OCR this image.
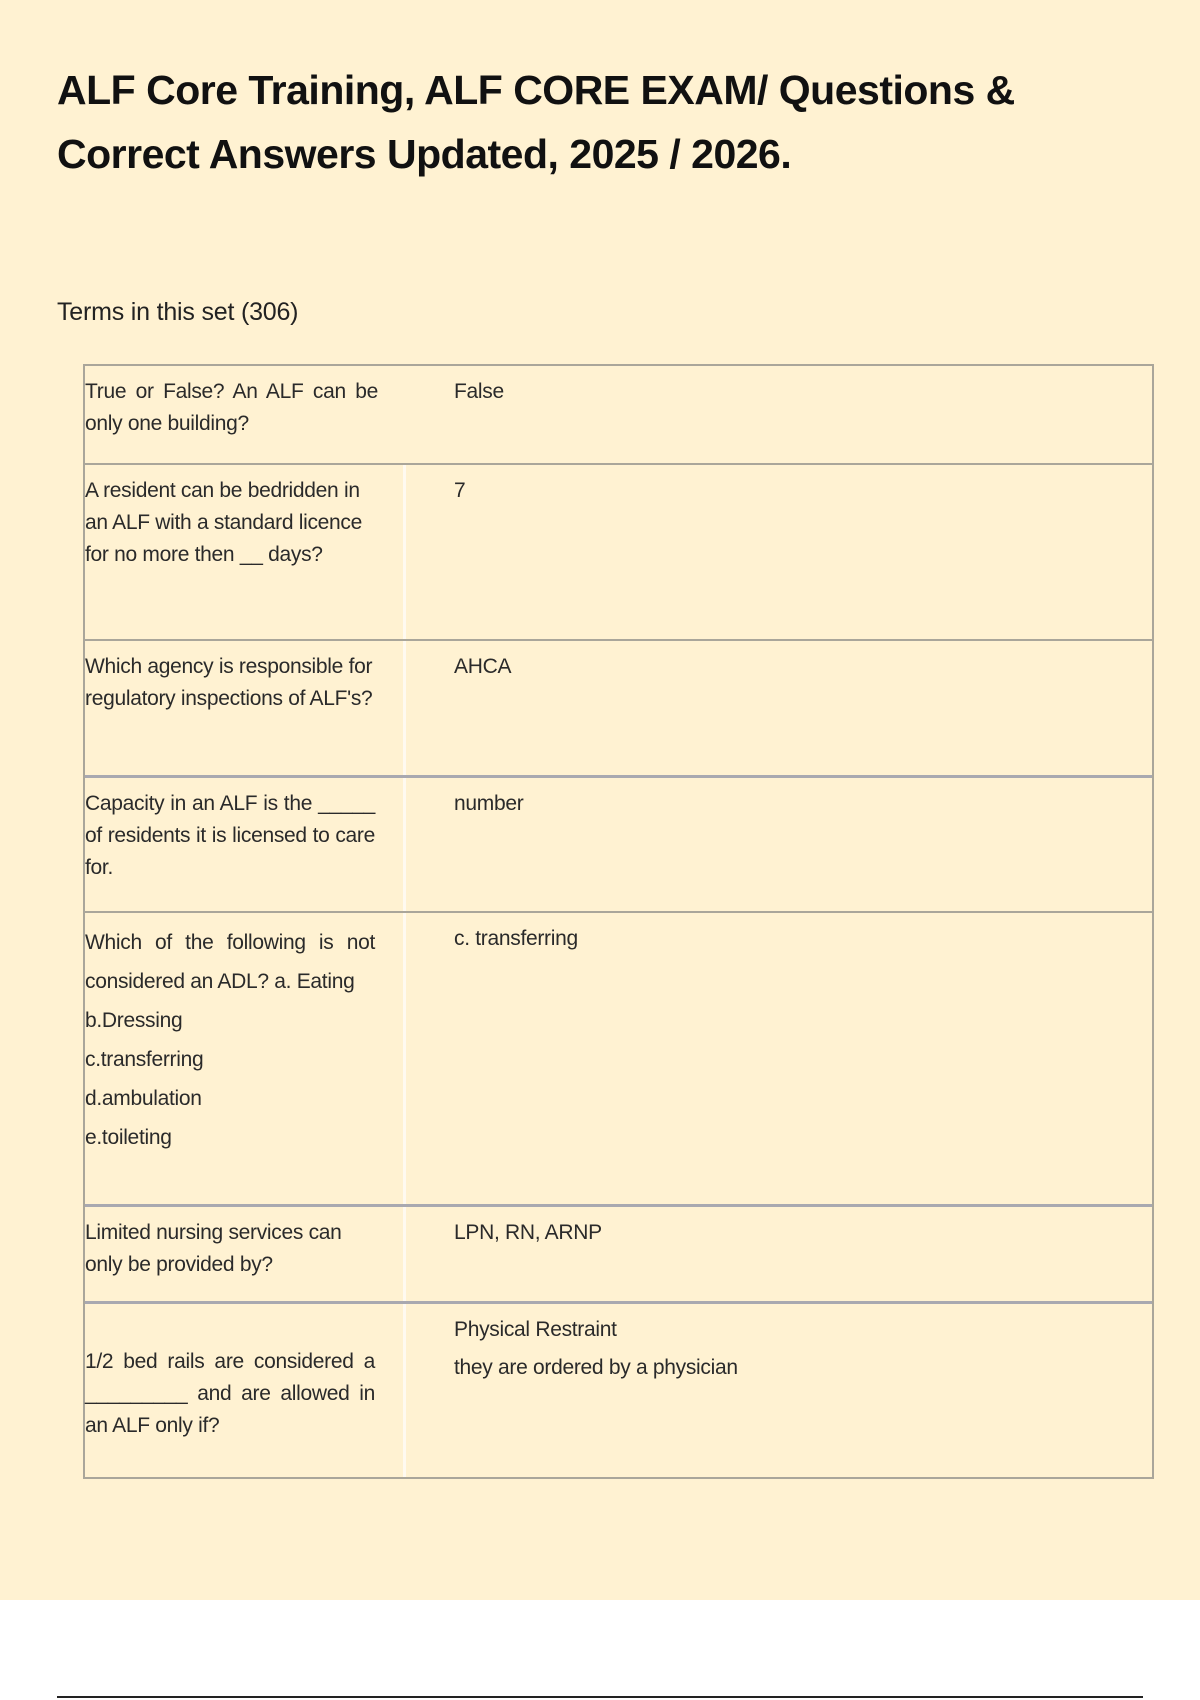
ALF Core Training, ALF CORE EXAM/ Questions & Correct Answers Updated, 2025 / 2026.
Terms in this set (306)
True or False? An ALF can be only one building?

False

A resident can be bedridden in an ALF with a standard licence for no more then __ days?

7

Which agency is responsible for regulatory inspections of ALF's?

AHCA

Capacity in an ALF is the _____ of residents it is licensed to care for.

number

Which of the following is not considered an ADL? a. Eating

b.Dressing

c.transferring

d.ambulation

e.toileting

c. transferring

Limited nursing services can only be provided by?

LPN, RN, ARNP

1/2 bed rails are considered a _________ and are allowed in an ALF only if?

Physical Restraint

they are ordered by a physician
